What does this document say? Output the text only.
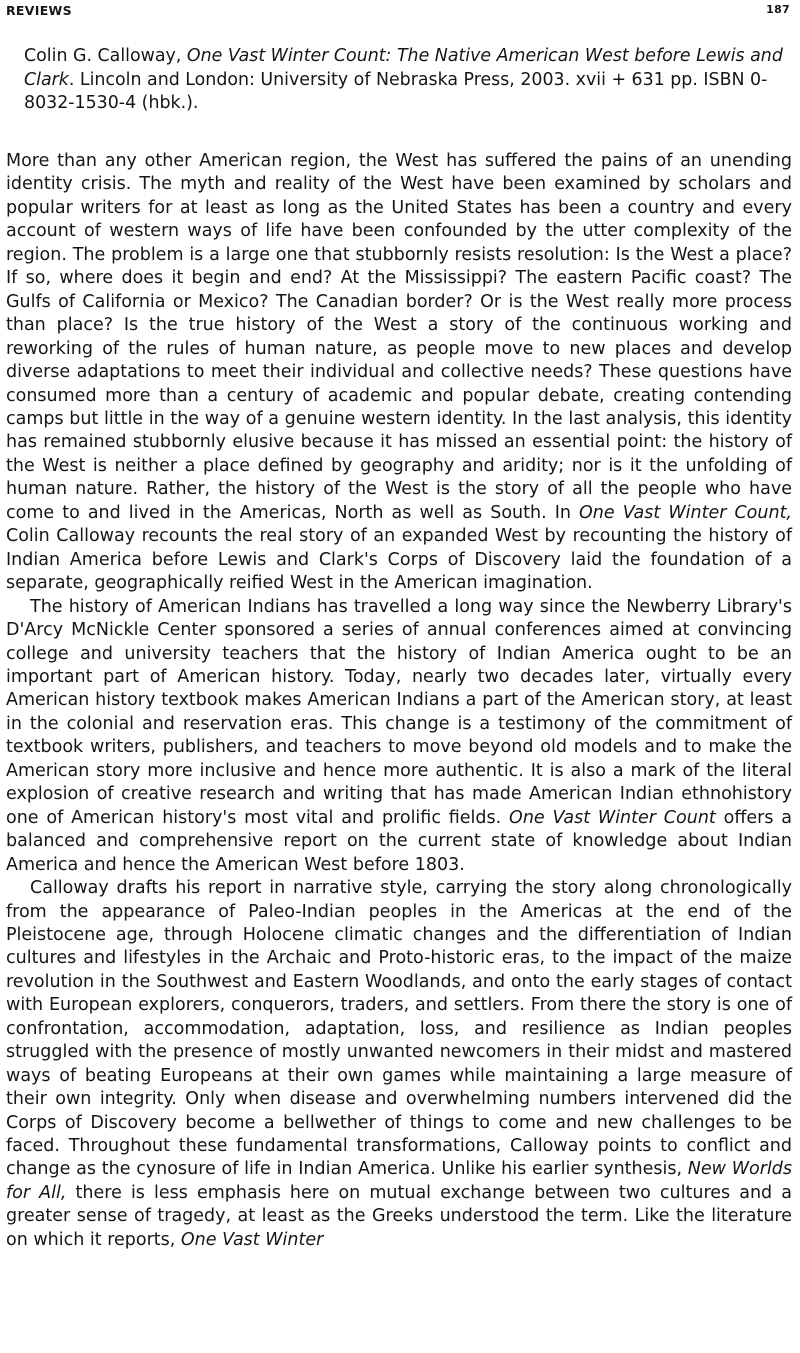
REVIEWS	187
Colin G. Calloway, One Vast Winter Count: The Native American West before Lewis and Clark. Lincoln and London: University of Nebraska Press, 2003. xvii + 631 pp. ISBN 0-8032-1530-4 (hbk.).

More than any other American region, the West has suffered the pains of an unending identity crisis. The myth and reality of the West have been examined by scholars and popular writers for at least as long as the United States has been a country and every account of western ways of life have been confounded by the utter complexity of the region. The problem is a large one that stubbornly resists resolution: Is the West a place? If so, where does it begin and end? At the Mississippi? The eastern Pacific coast? The Gulfs of California or Mexico? The Canadian border? Or is the West really more process than place? Is the true history of the West a story of the continuous working and reworking of the rules of human nature, as people move to new places and develop diverse adaptations to meet their individual and collective needs? These questions have consumed more than a century of academic and popular debate, creating contending camps but little in the way of a genuine western identity. In the last analysis, this identity has remained stubbornly elusive because it has missed an essential point: the history of the West is neither a place defined by geography and aridity; nor is it the unfolding of human nature. Rather, the history of the West is the story of all the people who have come to and lived in the Americas, North as well as South. In One Vast Winter Count, Colin Calloway recounts the real story of an expanded West by recounting the history of Indian America before Lewis and Clark's Corps of Discovery laid the foundation of a separate, geographically reified West in the American imagination.

The history of American Indians has travelled a long way since the Newberry Library's D'Arcy McNickle Center sponsored a series of annual conferences aimed at convincing college and university teachers that the history of Indian America ought to be an important part of American history. Today, nearly two decades later, virtually every American history textbook makes American Indians a part of the American story, at least in the colonial and reservation eras. This change is a testimony of the commitment of textbook writers, publishers, and teachers to move beyond old models and to make the American story more inclusive and hence more authentic. It is also a mark of the literal explosion of creative research and writing that has made American Indian ethnohistory one of American history's most vital and prolific fields. One Vast Winter Count offers a balanced and comprehensive report on the current state of knowledge about Indian America and hence the American West before 1803.

Calloway drafts his report in narrative style, carrying the story along chronologically from the appearance of Paleo-Indian peoples in the Americas at the end of the Pleistocene age, through Holocene climatic changes and the differentiation of Indian cultures and lifestyles in the Archaic and Proto-historic eras, to the impact of the maize revolution in the Southwest and Eastern Woodlands, and onto the early stages of contact with European explorers, conquerors, traders, and settlers. From there the story is one of confrontation, accommodation, adaptation, loss, and resilience as Indian peoples struggled with the presence of mostly unwanted newcomers in their midst and mastered ways of beating Europeans at their own games while maintaining a large measure of their own integrity. Only when disease and overwhelming numbers intervened did the Corps of Discovery become a bellwether of things to come and new challenges to be faced. Throughout these fundamental transformations, Calloway points to conflict and change as the cynosure of life in Indian America. Unlike his earlier synthesis, New Worlds for All, there is less emphasis here on mutual exchange between two cultures and a greater sense of tragedy, at least as the Greeks understood the term. Like the literature on which it reports, One Vast Winter
